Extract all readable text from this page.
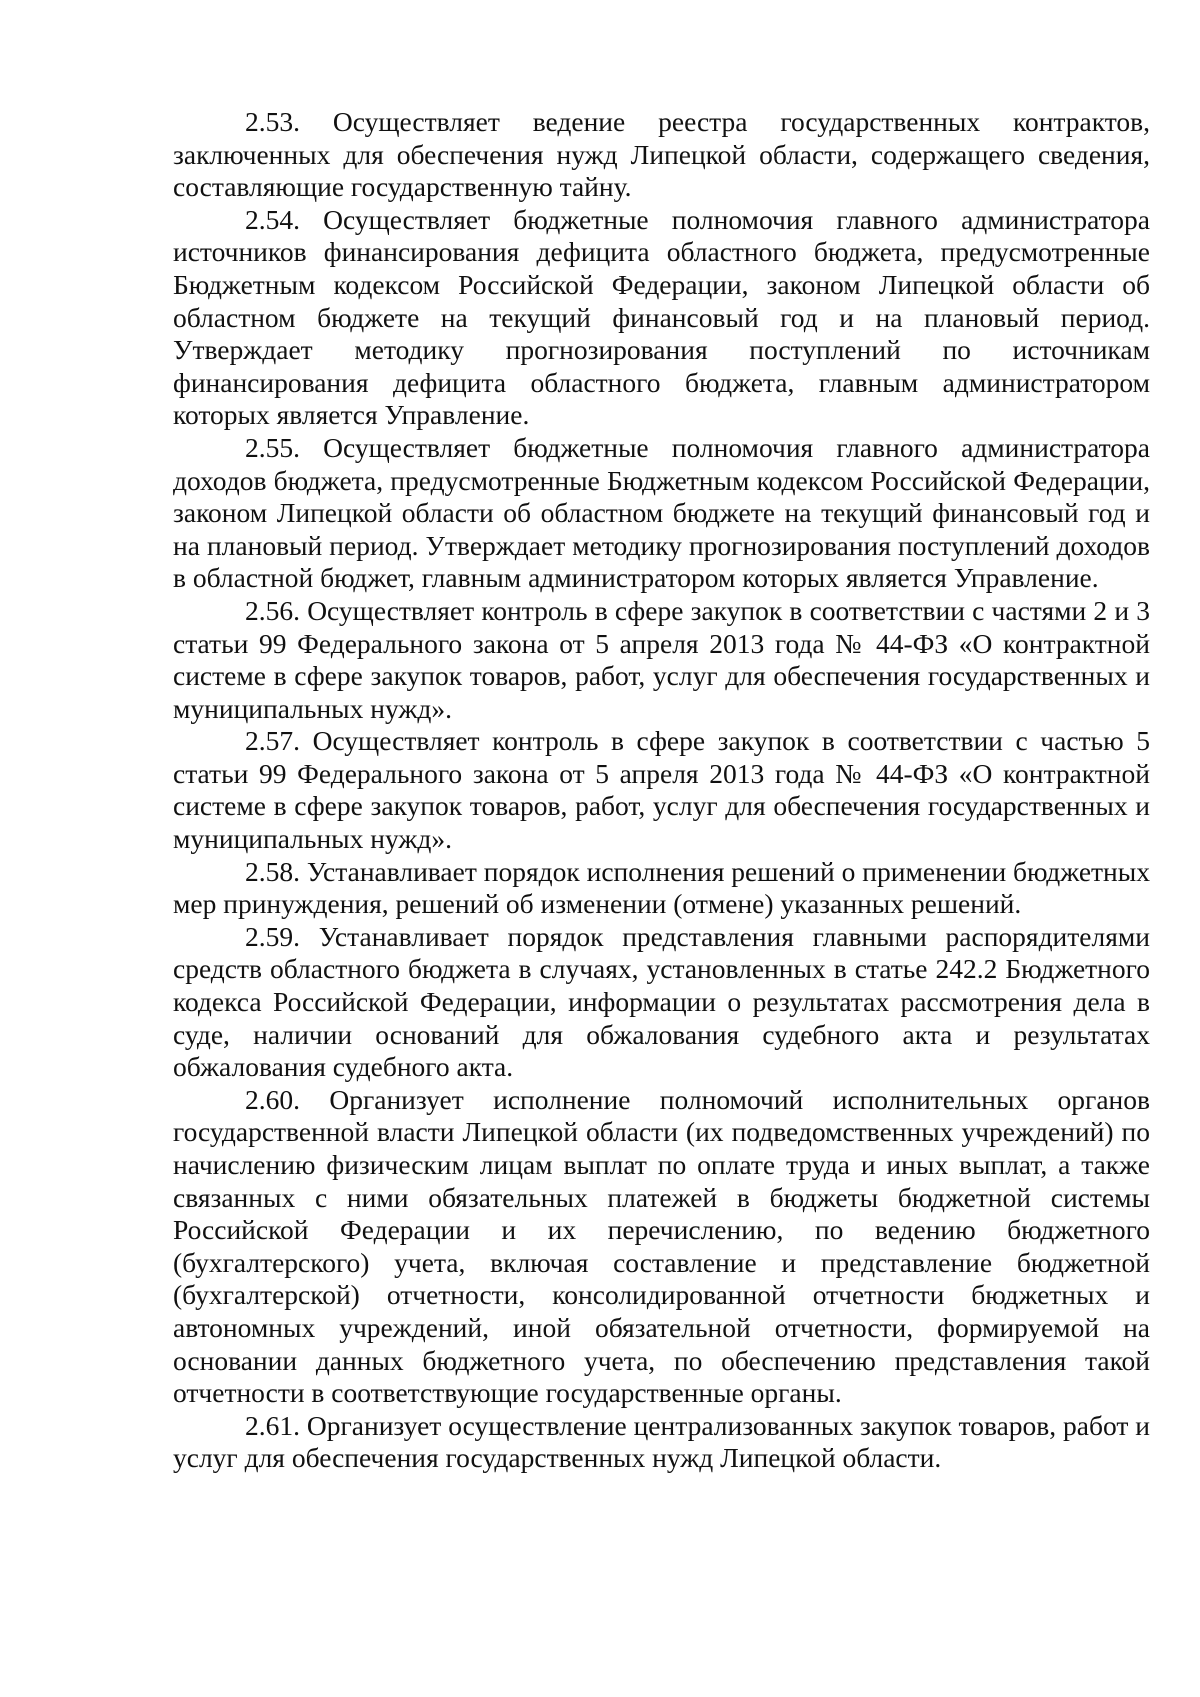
2.53. Осуществляет ведение реестра государственных контрактов, заключенных для обеспечения нужд Липецкой области, содержащего сведения, составляющие государственную тайну.

2.54. Осуществляет бюджетные полномочия главного администратора источников финансирования дефицита областного бюджета, предусмотренные Бюджетным кодексом Российской Федерации, законом Липецкой области об областном бюджете на текущий финансовый год и на плановый период. Утверждает методику прогнозирования поступлений по источникам финансирования дефицита областного бюджета, главным администратором которых является Управление.

2.55. Осуществляет бюджетные полномочия главного администратора доходов бюджета, предусмотренные Бюджетным кодексом Российской Федерации, законом Липецкой области об областном бюджете на текущий финансовый год и на плановый период. Утверждает методику прогнозирования поступлений доходов в областной бюджет, главным администратором которых является Управление.

2.56. Осуществляет контроль в сфере закупок в соответствии с частями 2 и 3 статьи 99 Федерального закона от 5 апреля 2013 года № 44-ФЗ «О контрактной системе в сфере закупок товаров, работ, услуг для обеспечения государственных и муниципальных нужд».

2.57. Осуществляет контроль в сфере закупок в соответствии с частью 5 статьи 99 Федерального закона от 5 апреля 2013 года № 44-ФЗ «О контрактной системе в сфере закупок товаров, работ, услуг для обеспечения государственных и муниципальных нужд».

2.58. Устанавливает порядок исполнения решений о применении бюджетных мер принуждения, решений об изменении (отмене) указанных решений.

2.59. Устанавливает порядок представления главными распорядителями средств областного бюджета в случаях, установленных в статье 242.2 Бюджетного кодекса Российской Федерации, информации о результатах рассмотрения дела в суде, наличии оснований для обжалования судебного акта и результатах обжалования судебного акта.

2.60. Организует исполнение полномочий исполнительных органов государственной власти Липецкой области (их подведомственных учреждений) по начислению физическим лицам выплат по оплате труда и иных выплат, а также связанных с ними обязательных платежей в бюджеты бюджетной системы Российской Федерации и их перечислению, по ведению бюджетного (бухгалтерского) учета, включая составление и представление бюджетной (бухгалтерской) отчетности, консолидированной отчетности бюджетных и автономных учреждений, иной обязательной отчетности, формируемой на основании данных бюджетного учета, по обеспечению представления такой отчетности в соответствующие государственные органы.

2.61. Организует осуществление централизованных закупок товаров, работ и услуг для обеспечения государственных нужд Липецкой области.
